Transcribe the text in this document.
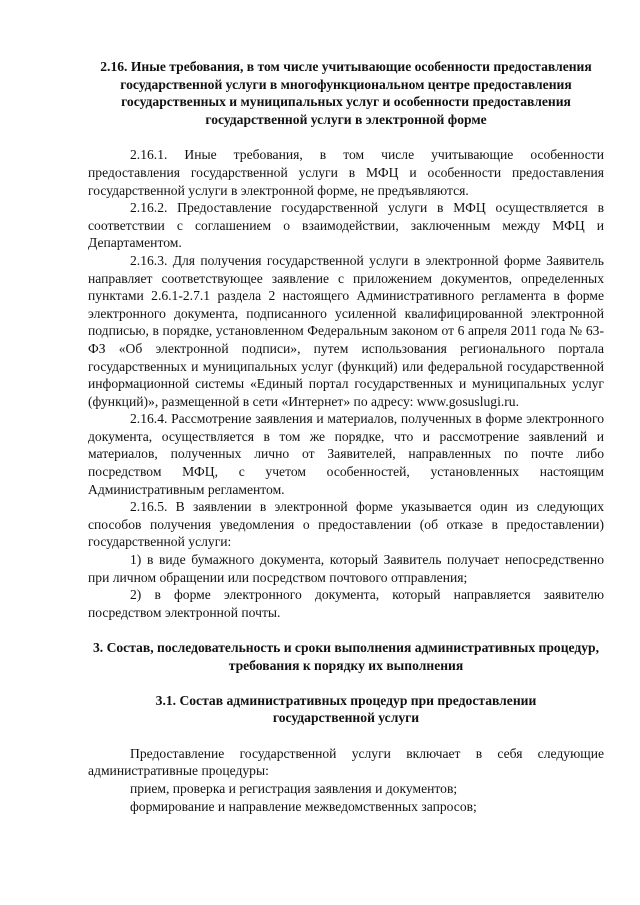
2.16. Иные требования, в том числе учитывающие особенности предоставления государственной услуги в многофункциональном центре предоставления государственных и муниципальных услуг и особенности предоставления государственной услуги в электронной форме

2.16.1. Иные требования, в том числе учитывающие особенности предоставления государственной услуги в МФЦ и особенности предоставления государственной услуги в электронной форме, не предъявляются.

2.16.2. Предоставление государственной услуги в МФЦ осуществляется в соответствии с соглашением о взаимодействии, заключенным между МФЦ и Департаментом.

2.16.3. Для получения государственной услуги в электронной форме Заявитель направляет соответствующее заявление с приложением документов, определенных пунктами 2.6.1-2.7.1 раздела 2 настоящего Административного регламента в форме электронного документа, подписанного усиленной квалифицированной электронной подписью, в порядке, установленном Федеральным законом от 6 апреля 2011 года № 63-ФЗ «Об электронной подписи», путем использования регионального портала государственных и муниципальных услуг (функций) или федеральной государственной информационной системы «Единый портал государственных и муниципальных услуг (функций)», размещенной в сети «Интернет» по адресу: www.gosuslugi.ru.

2.16.4. Рассмотрение заявления и материалов, полученных в форме электронного документа, осуществляется в том же порядке, что и рассмотрение заявлений и материалов, полученных лично от Заявителей, направленных по почте либо посредством МФЦ, с учетом особенностей, установленных настоящим Административным регламентом.

2.16.5. В заявлении в электронной форме указывается один из следующих способов получения уведомления о предоставлении (об отказе в предоставлении) государственной услуги:

1) в виде бумажного документа, который Заявитель получает непосредственно при личном обращении или посредством почтового отправления;

2) в форме электронного документа, который направляется заявителю посредством электронной почты.

3. Состав, последовательность и сроки выполнения административных процедур, требования к порядку их выполнения

3.1. Состав административных процедур при предоставлении государственной услуги

Предоставление государственной услуги включает в себя следующие административные процедуры:

прием, проверка и регистрация заявления и документов;

формирование и направление межведомственных запросов;
